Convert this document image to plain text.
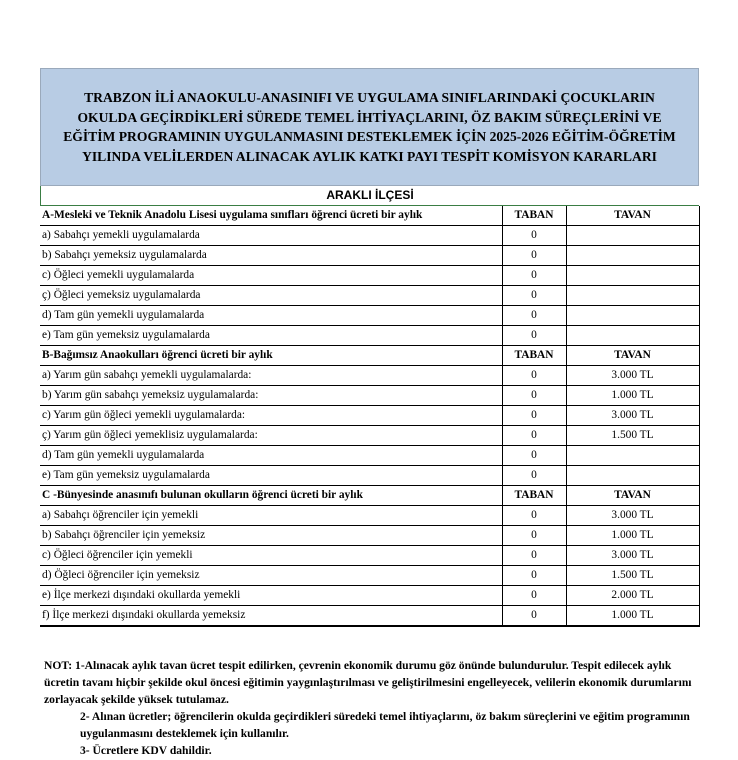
TRABZON İLİ ANAOKULU-ANASINIFI VE UYGULAMA SINIFLARINDAKİ ÇOCUKLARIN OKULDA GEÇİRDİKLERİ SÜREDE TEMEL İHTİYAÇLARINI, ÖZ BAKIM SÜREÇLERİNİ VE EĞİTİM PROGRAMININ UYGULANMASINI DESTEKLEMEK İÇİN 2025-2026 EĞİTİM-ÖĞRETİM YILINDA VELİLERDEN ALINACAK AYLIK KATKI PAYI TESPİT KOMİSYON KARARLARI
ARAKLI İLÇESİ
A-Mesleki ve Teknik Anadolu Lisesi uygulama sınıfları öğrenci ücreti bir aylık	TABAN	TAVAN
a) Sabahçı yemekli uygulamalarda	0	
b) Sabahçı yemeksiz uygulamalarda	0	
c) Öğleci yemekli uygulamalarda	0	
ç) Öğleci yemeksiz uygulamalarda	0	
d) Tam gün yemekli uygulamalarda	0	
e) Tam gün yemeksiz uygulamalarda	0	
B-Bağımsız Anaokulları öğrenci ücreti bir aylık	TABAN	TAVAN
a) Yarım gün sabahçı yemekli uygulamalarda:	0	3.000 TL
b) Yarım gün sabahçı yemeksiz uygulamalarda:	0	1.000 TL
c) Yarım gün öğleci yemekli uygulamalarda:	0	3.000 TL
ç) Yarım gün öğleci yemeklisiz uygulamalarda:	0	1.500 TL
d) Tam gün yemekli uygulamalarda	0	
e) Tam gün yemeksiz uygulamalarda	0	
C -Bünyesinde anasınıfı bulunan okulların öğrenci ücreti bir aylık	TABAN	TAVAN
a) Sabahçı öğrenciler için yemekli	0	3.000 TL
b) Sabahçı öğrenciler için yemeksiz	0	1.000 TL
c) Öğleci öğrenciler için yemekli	0	3.000 TL
d) Öğleci öğrenciler için yemeksiz	0	1.500 TL
e) İlçe merkezi dışındaki okullarda yemekli	0	2.000 TL
f) İlçe merkezi dışındaki okullarda yemeksiz	0	1.000 TL

NOT: 1-Alınacak aylık tavan ücret tespit edilirken, çevrenin ekonomik durumu göz önünde bulundurulur. Tespit edilecek aylık ücretin tavanı hiçbir şekilde okul öncesi eğitimin yaygınlaştırılması ve geliştirilmesini engelleyecek, velilerin ekonomik durumlarını zorlayacak şekilde yüksek tutulamaz.

2- Alınan ücretler; öğrencilerin okulda geçirdikleri süredeki temel ihtiyaçlarını, öz bakım süreçlerini ve eğitim programının uygulanmasını desteklemek için kullanılır.

3- Ücretlere KDV dahildir.
